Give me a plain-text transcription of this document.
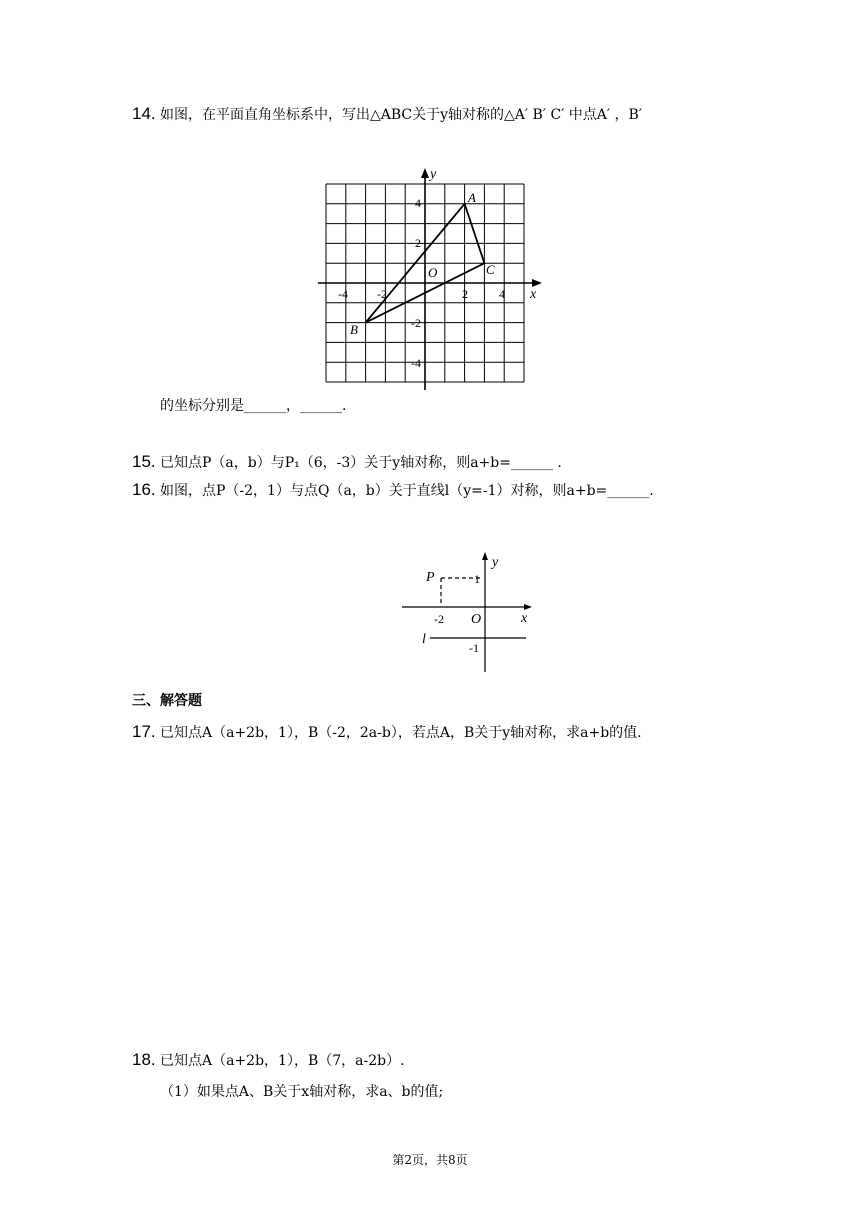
14. 如图，在平面直角坐标系中，写出△ABC关于y轴对称的△A′ B′ C′ 中点A′ ，B′
x
y
O
-4 -2	2	4
4
2
-2
-4
A
B
C
的坐标分别是______，______.
15. 已知点P（a，b）与P₁（6，-3）关于y轴对称，则a+b=______ .
16. 如图，点P（-2，1）与点Q（a，b）关于直线l（y=-1）对称，则a+b=______.
y
x
P	1
-2 O
l
-1
三、解答题
17. 已知点A（a+2b，1），B（-2，2a-b），若点A，B关于y轴对称，求a+b的值.
18. 已知点A（a+2b，1），B（7，a-2b）.
（1）如果点A、B关于x轴对称，求a、b的值;
第2页，共8页
